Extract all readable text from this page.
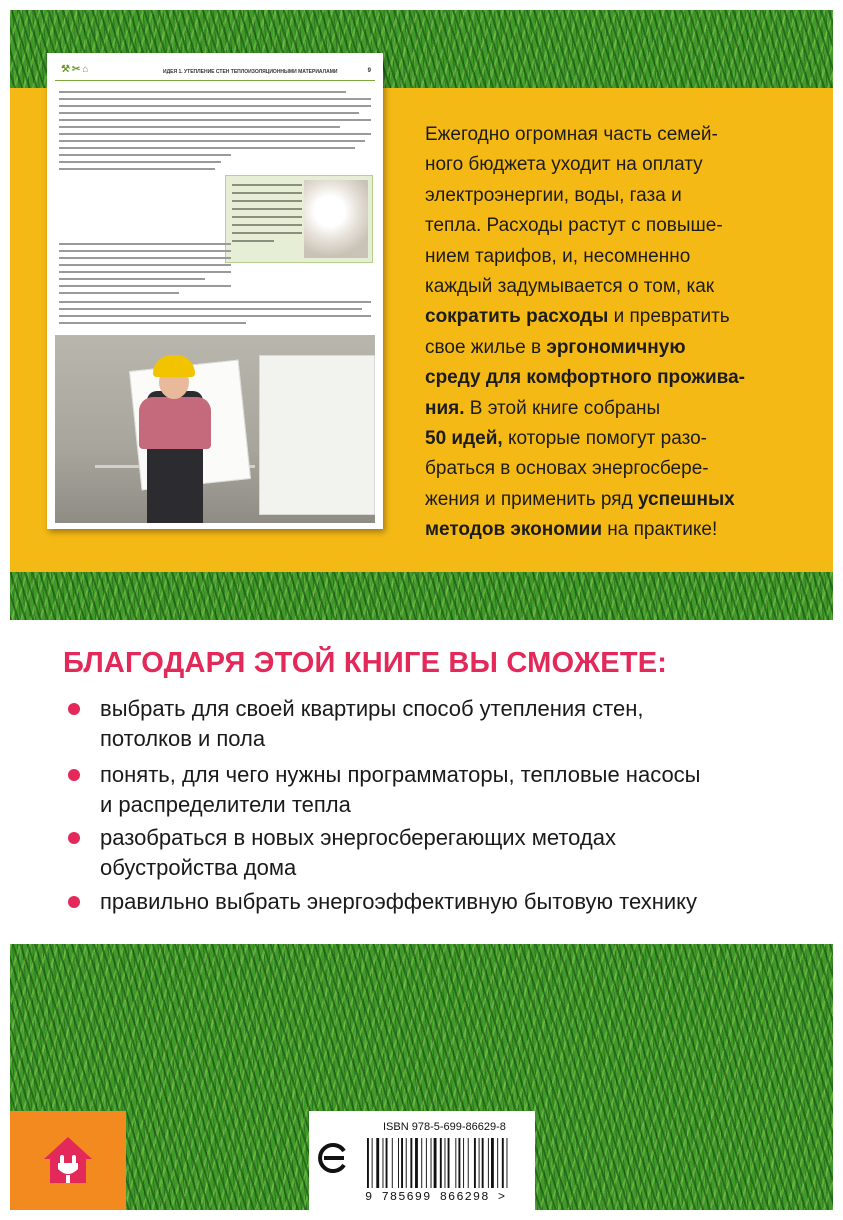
⚒✂⌂	ИДЕЯ 1. УТЕПЛЕНИЕ СТЕН ТЕПЛОИЗОЛЯЦИОННЫМИ МАТЕРИАЛАМИ	9
Ежегодно огромная часть семей-
ного бюджета уходит на оплату
электроэнергии, воды, газа и
тепла. Расходы растут с повыше-
нием тарифов, и, несомненно
каждый задумывается о том, как
сократить расходы и превратить
свое жилье в эргономичную
среду для комфортного прожива-
ния. В этой книге собраны
50 идей, которые помогут разо-
браться в основах энергосбере-
жения и применить ряд успешных
методов экономии на практике!
БЛАГОДАРЯ ЭТОЙ КНИГЕ ВЫ СМОЖЕТЕ:
выбрать для своей квартиры способ утепления стен,
потолков и пола
понять, для чего нужны программаторы, тепловые насосы
и распределители тепла
разобраться в новых энергосберегающих методах
обустройства дома
правильно выбрать энергоэффективную бытовую технику
ISBN 978-5-699-86629-8
9 785699 866298 >
